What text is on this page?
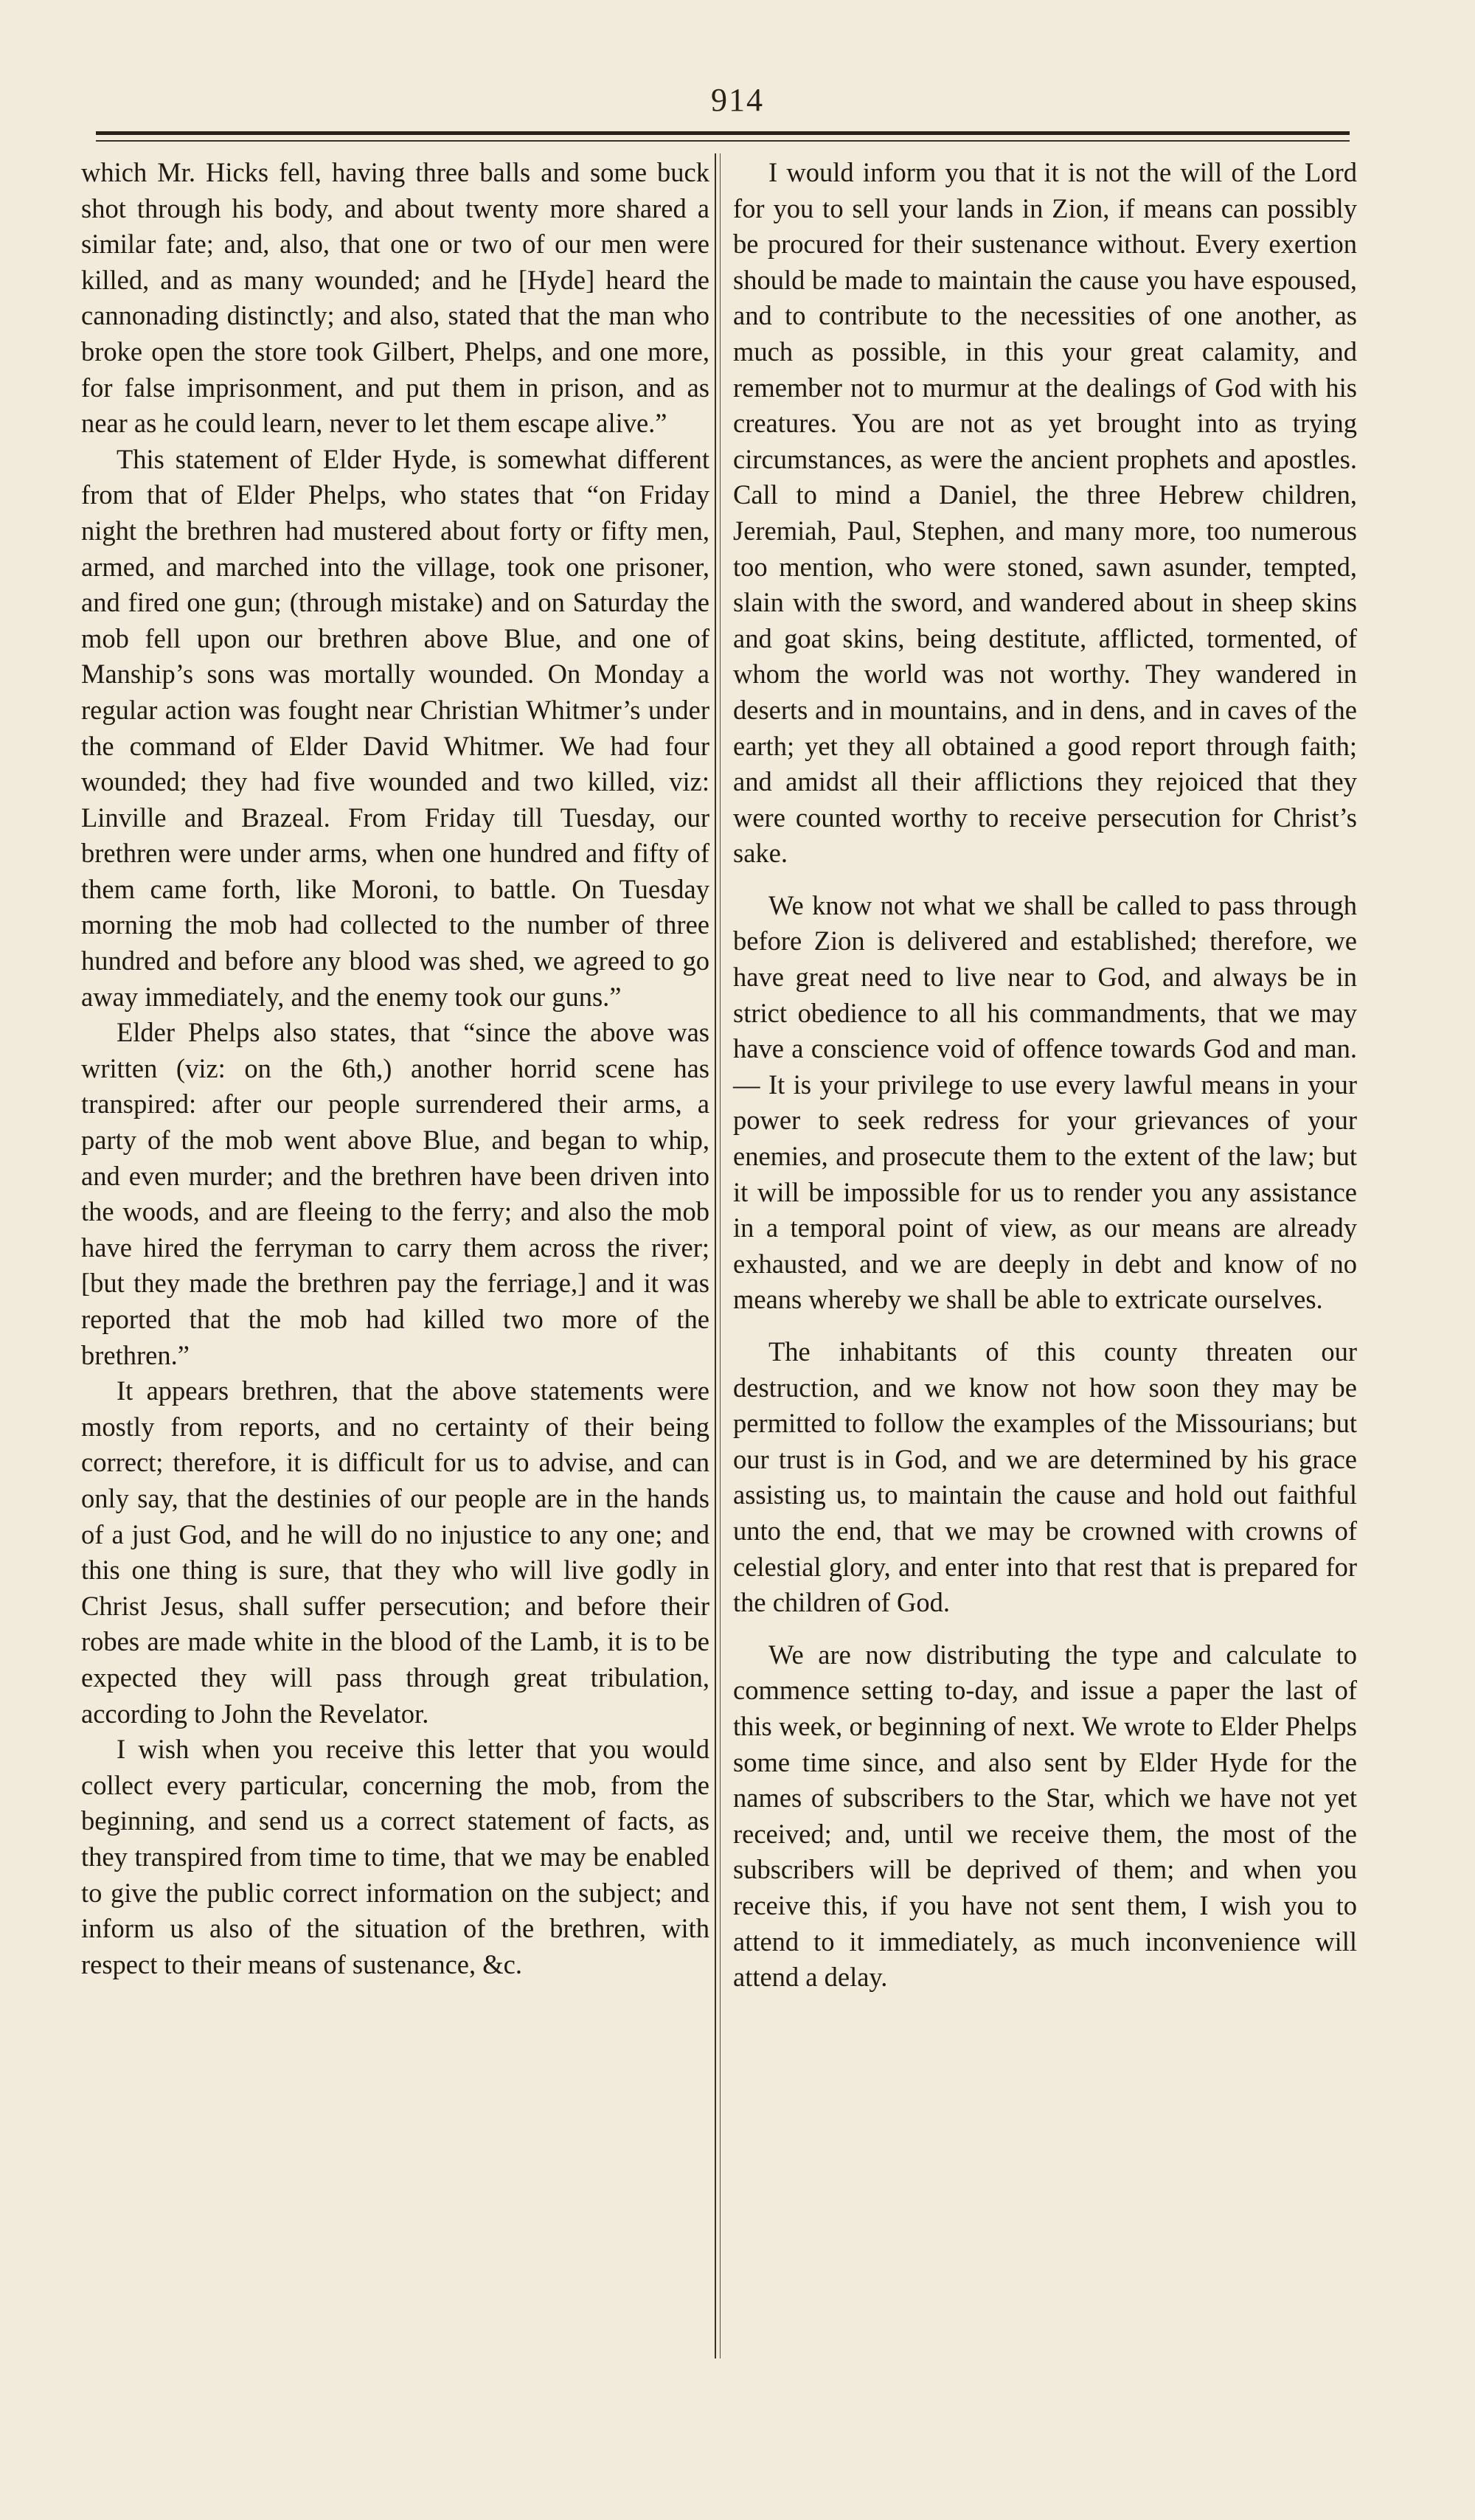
914

which Mr. Hicks fell, having three balls and some buck shot through his body, and about twenty more shared a similar fate; and, also, that one or two of our men were killed, and as many wounded; and he [Hyde] heard the cannonading distinctly; and also, stated that the man who broke open the store took Gilbert, Phelps, and one more, for false imprisonment, and put them in prison, and as near as he could learn, never to let them escape alive.”

This statement of Elder Hyde, is somewhat different from that of Elder Phelps, who states that “on Friday night the brethren had mustered about forty or fifty men, armed, and marched into the village, took one prisoner, and fired one gun; (through mistake) and on Saturday the mob fell upon our brethren above Blue, and one of Manship’s sons was mortally wounded. On Monday a regular action was fought near Christian Whitmer’s under the command of Elder David Whitmer. We had four wounded; they had five wounded and two killed, viz: Linville and Brazeal. From Friday till Tuesday, our brethren were under arms, when one hundred and fifty of them came forth, like Moroni, to battle. On Tuesday morning the mob had collected to the number of three hundred and before any blood was shed, we agreed to go away immediately, and the enemy took our guns.”

Elder Phelps also states, that “since the above was written (viz: on the 6th,) another horrid scene has transpired: after our people surrendered their arms, a party of the mob went above Blue, and began to whip, and even murder; and the brethren have been driven into the woods, and are fleeing to the ferry; and also the mob have hired the ferryman to carry them across the river; [but they made the brethren pay the ferriage,] and it was reported that the mob had killed two more of the brethren.”

It appears brethren, that the above statements were mostly from reports, and no certainty of their being correct; therefore, it is difficult for us to advise, and can only say, that the destinies of our people are in the hands of a just God, and he will do no injustice to any one; and this one thing is sure, that they who will live godly in Christ Jesus, shall suffer persecution; and before their robes are made white in the blood of the Lamb, it is to be expected they will pass through great tribulation, according to John the Revelator.

I wish when you receive this letter that you would collect every particular, concerning the mob, from the beginning, and send us a correct statement of facts, as they transpired from time to time, that we may be enabled to give the public correct information on the subject; and inform us also of the situation of the brethren, with respect to their means of sustenance, &c.

I would inform you that it is not the will of the Lord for you to sell your lands in Zion, if means can possibly be procured for their sustenance without. Every exertion should be made to maintain the cause you have espoused, and to contribute to the necessities of one another, as much as possible, in this your great calamity, and remember not to murmur at the dealings of God with his creatures. You are not as yet brought into as trying circumstances, as were the ancient prophets and apostles. Call to mind a Daniel, the three Hebrew children, Jeremiah, Paul, Stephen, and many more, too numerous too mention, who were stoned, sawn asunder, tempted, slain with the sword, and wandered about in sheep skins and goat skins, being destitute, afflicted, tormented, of whom the world was not worthy. They wandered in deserts and in mountains, and in dens, and in caves of the earth; yet they all obtained a good report through faith; and amidst all their afflictions they rejoiced that they were counted worthy to receive persecution for Christ’s sake.

We know not what we shall be called to pass through before Zion is delivered and established; therefore, we have great need to live near to God, and always be in strict obedience to all his commandments, that we may have a conscience void of offence towards God and man.— It is your privilege to use every lawful means in your power to seek redress for your grievances of your enemies, and prosecute them to the extent of the law; but it will be impossible for us to render you any assistance in a temporal point of view, as our means are already exhausted, and we are deeply in debt and know of no means whereby we shall be able to extricate ourselves.

The inhabitants of this county threaten our destruction, and we know not how soon they may be permitted to follow the examples of the Missourians; but our trust is in God, and we are determined by his grace assisting us, to maintain the cause and hold out faithful unto the end, that we may be crowned with crowns of celestial glory, and enter into that rest that is prepared for the children of God.

We are now distributing the type and calculate to commence setting to-day, and issue a paper the last of this week, or beginning of next. We wrote to Elder Phelps some time since, and also sent by Elder Hyde for the names of subscribers to the Star, which we have not yet received; and, until we receive them, the most of the subscribers will be deprived of them; and when you receive this, if you have not sent them, I wish you to attend to it immediately, as much inconvenience will attend a delay.
